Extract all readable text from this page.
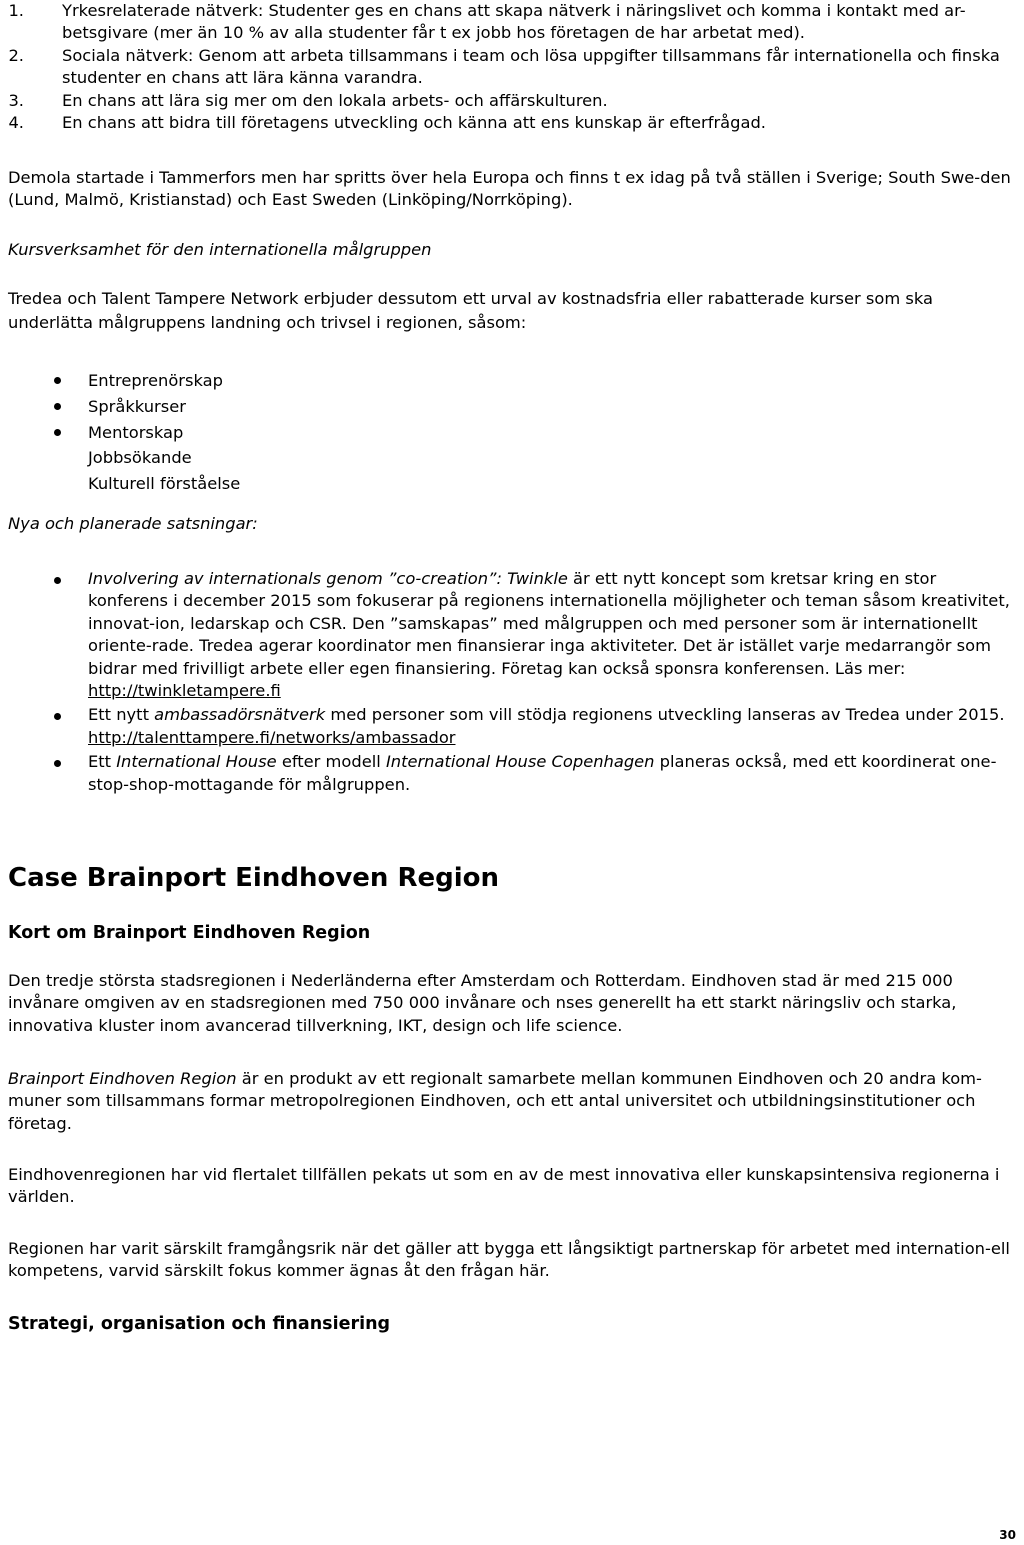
1. Yrkesrelaterade nätverk: Studenter ges en chans att skapa nätverk i näringslivet och komma i kontakt med ar-betsgivare (mer än 10 % av alla studenter får t ex jobb hos företagen de har arbetat med).
2. Sociala nätverk: Genom att arbeta tillsammans i team och lösa uppgifter tillsammans får internationella och finska studenter en chans att lära känna varandra.
3. En chans att lära sig mer om den lokala arbets- och affärskulturen.
4. En chans att bidra till företagens utveckling och känna att ens kunskap är efterfrågad.

Demola startade i Tammerfors men har spritts över hela Europa och finns t ex idag på två ställen i Sverige; South Swe-den (Lund, Malmö, Kristianstad) och East Sweden (Linköping/Norrköping).

Kursverksamhet för den internationella målgruppen

Tredea och Talent Tampere Network erbjuder dessutom ett urval av kostnadsfria eller rabatterade kurser som ska underlätta målgruppens landning och trivsel i regionen, såsom:

Entreprenörskap
Språkkurser
Mentorskap
Jobbsökande
Kulturell förståelse

Nya och planerade satsningar:

Involvering av internationals genom ”co-creation”: Twinkle är ett nytt koncept som kretsar kring en stor konferens i december 2015 som fokuserar på regionens internationella möjligheter och teman såsom kreativitet, innovat-ion, ledarskap och CSR. Den ”samskapas” med målgruppen och med personer som är internationellt oriente-rade. Tredea agerar koordinator men finansierar inga aktiviteter. Det är istället varje medarrangör som bidrar med frivilligt arbete eller egen finansiering. Företag kan också sponsra konferensen. Läs mer: http://twinkletampere.fi
Ett nytt ambassadörsnätverk med personer som vill stödja regionens utveckling lanseras av Tredea under 2015. http://talenttampere.fi/networks/ambassador
Ett International House efter modell International House Copenhagen planeras också, med ett koordinerat one-stop-shop-mottagande för målgruppen.
Case Brainport Eindhoven Region
Kort om Brainport Eindhoven Region

Den tredje största stadsregionen i Nederländerna efter Amsterdam och Rotterdam. Eindhoven stad är med 215 000 invånare omgiven av en stadsregionen med 750 000 invånare och nses generellt ha ett starkt näringsliv och starka, innovativa kluster inom avancerad tillverkning, IKT, design och life science.

Brainport Eindhoven Region är en produkt av ett regionalt samarbete mellan kommunen Eindhoven och 20 andra kom-muner som tillsammans formar metropolregionen Eindhoven, och ett antal universitet och utbildningsinstitutioner och företag.

Eindhovenregionen har vid flertalet tillfällen pekats ut som en av de mest innovativa eller kunskapsintensiva regionerna i världen.

Regionen har varit särskilt framgångsrik när det gäller att bygga ett långsiktigt partnerskap för arbetet med internation-ell kompetens, varvid särskilt fokus kommer ägnas åt den frågan här.

Strategi, organisation och finansiering
30
